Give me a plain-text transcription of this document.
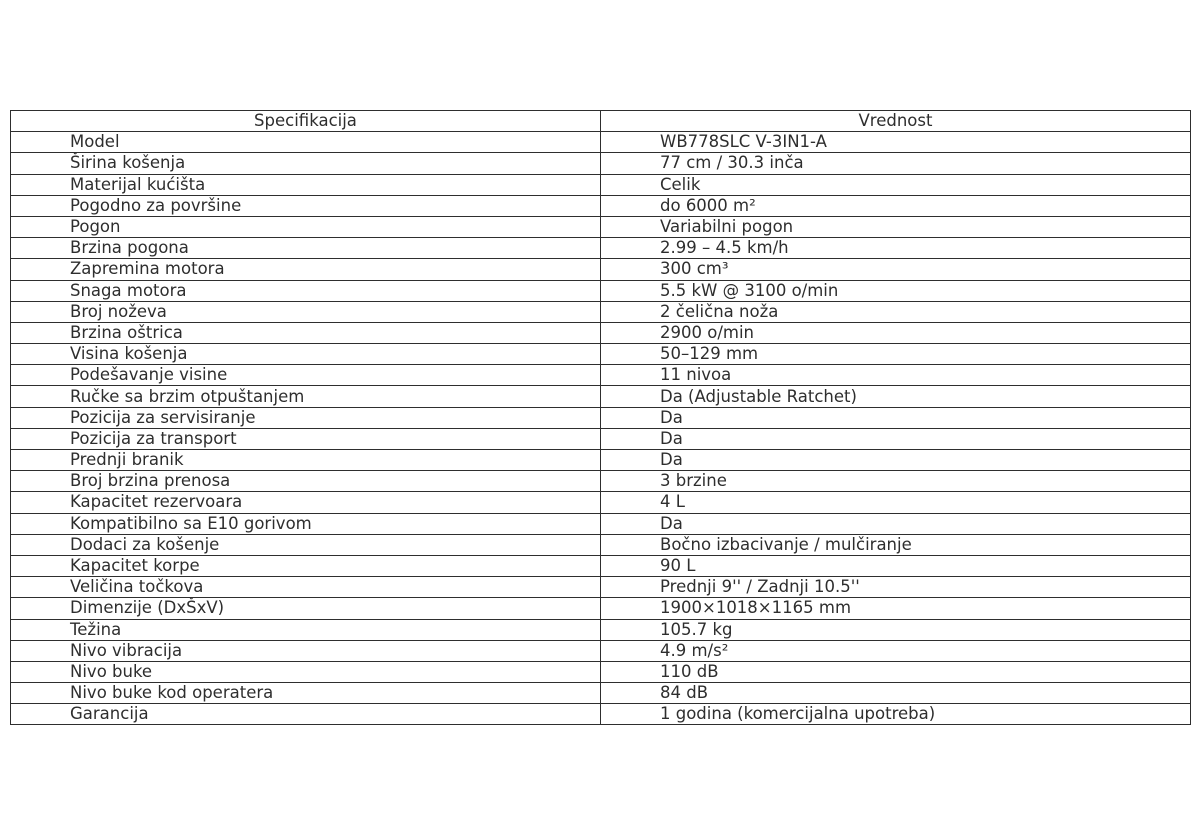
Specifikacija	Vrednost
Model	WB778SLC V-3IN1-A
Širina košenja	77 cm / 30.3 inča
Materijal kućišta	Celik
Pogodno za površine	do 6000 m²
Pogon	Variabilni pogon
Brzina pogona	2.99 – 4.5 km/h
Zapremina motora	300 cm³
Snaga motora	5.5 kW @ 3100 o/min
Broj noževa	2 čelična noža
Brzina oštrica	2900 o/min
Visina košenja	50–129 mm
Podešavanje visine	11 nivoa
Ručke sa brzim otpuštanjem	Da (Adjustable Ratchet)
Pozicija za servisiranje	Da
Pozicija za transport	Da
Prednji branik	Da
Broj brzina prenosa	3 brzine
Kapacitet rezervoara	4 L
Kompatibilno sa E10 gorivom	Da
Dodaci za košenje	Bočno izbacivanje / mulčiranje
Kapacitet korpe	90 L
Veličina točkova	Prednji 9'' / Zadnji 10.5''
Dimenzije (DxŠxV)	1900×1018×1165 mm
Težina	105.7 kg
Nivo vibracija	4.9 m/s²
Nivo buke	110 dB
Nivo buke kod operatera	84 dB
Garancija	1 godina (komercijalna upotreba)
